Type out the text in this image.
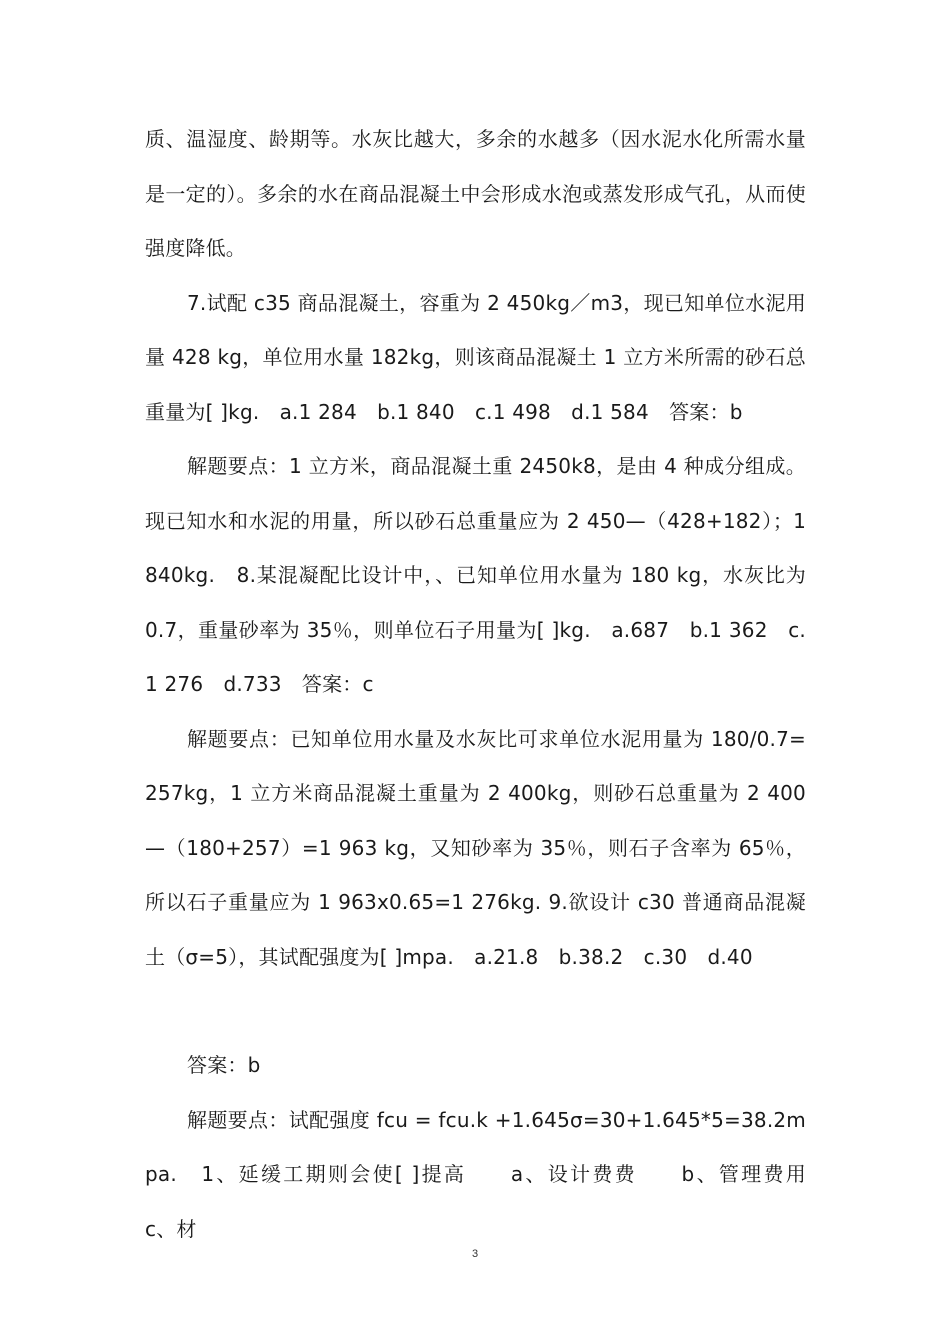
质、温湿度、龄期等。水灰比越大，多余的水越多（因水泥水化所需水量是一定的）。多余的水在商品混凝土中会形成水泡或蒸发形成气孔，从而使强度降低。

7.试配 c35 商品混凝土，容重为 2 450kg／m3，现已知单位水泥用量 428 kg，单位用水量 182kg，则该商品混凝土 1 立方米所需的砂石总重量为[ ]kg.　a.1 284　b.1 840　c.1 498　d.1 584　答案：b

解题要点：1 立方米，商品混凝土重 2450k8，是由 4 种成分组成。现已知水和水泥的用量，所以砂石总重量应为 2 450—（428+182）；1 840kg.　8.某混凝配比设计中，、已知单位用水量为 180 kg，水灰比为 0.7，重量砂率为 35％，则单位石子用量为[ ]kg.　a.687　b.1 362　c.1 276　d.733　答案：c

解题要点：已知单位用水量及水灰比可求单位水泥用量为 180/0.7=257kg，1 立方米商品混凝土重量为 2 400kg，则砂石总重量为 2 400—（180+257）=1 963 kg，又知砂率为 35％，则石子含率为 65％，所以石子重量应为 1 963x0.65=1 276kg. 9.欲设计 c30 普通商品混凝土（σ=5），其试配强度为[ ]mpa.　a.21.8　b.38.2　c.30　d.40

答案：b

解题要点：试配强度 fcu = fcu.k +1.645σ=30+1.645*5=38.2mpa.　1、延缓工期则会使[ ]提高　　a、设计费费　　b、管理费用　　c、材

3
